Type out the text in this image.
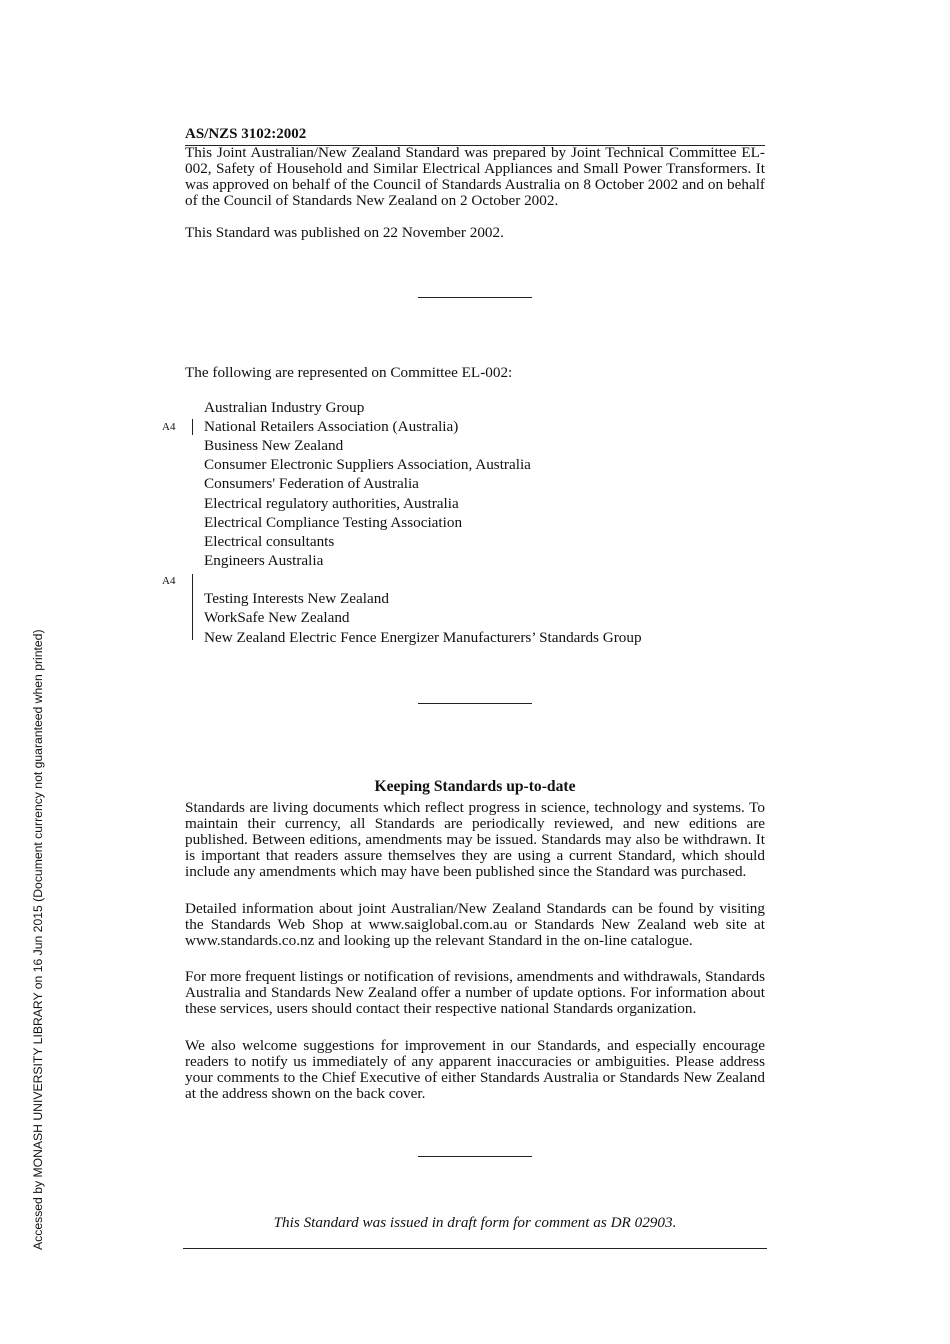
Accessed by MONASH UNIVERSITY LIBRARY on 16 Jun 2015 (Document currency not guaranteed when printed)
AS/NZS 3102:2002
This Joint Australian/New Zealand Standard was prepared by Joint Technical Committee EL-002, Safety of Household and Similar Electrical Appliances and Small Power Transformers. It was approved on behalf of the Council of Standards Australia on 8 October 2002 and on behalf of the Council of Standards New Zealand on 2 October 2002.
This Standard was published on 22 November 2002.
The following are represented on Committee EL-002:
Australian Industry Group
National Retailers Association (Australia)
Business New Zealand
Consumer Electronic Suppliers Association, Australia
Consumers' Federation of Australia
Electrical regulatory authorities, Australia
Electrical Compliance Testing Association
Electrical consultants
Engineers Australia
Testing Interests New Zealand
WorkSafe New Zealand
New Zealand Electric Fence Energizer Manufacturers’ Standards Group
A4
A4
Keeping Standards up-to-date
Standards are living documents which reflect progress in science, technology and systems. To maintain their currency, all Standards are periodically reviewed, and new editions are published. Between editions, amendments may be issued. Standards may also be withdrawn. It is important that readers assure themselves they are using a current Standard, which should include any amendments which may have been published since the Standard was purchased.
Detailed information about joint Australian/New Zealand Standards can be found by visiting the Standards Web Shop at www.saiglobal.com.au or Standards New Zealand web site at www.standards.co.nz and looking up the relevant Standard in the on-line catalogue.
For more frequent listings or notification of revisions, amendments and withdrawals, Standards Australia and Standards New Zealand offer a number of update options. For information about these services, users should contact their respective national Standards organization.
We also welcome suggestions for improvement in our Standards, and especially encourage readers to notify us immediately of any apparent inaccuracies or ambiguities. Please address your comments to the Chief Executive of either Standards Australia or Standards New Zealand at the address shown on the back cover.
This Standard was issued in draft form for comment as DR 02903.
